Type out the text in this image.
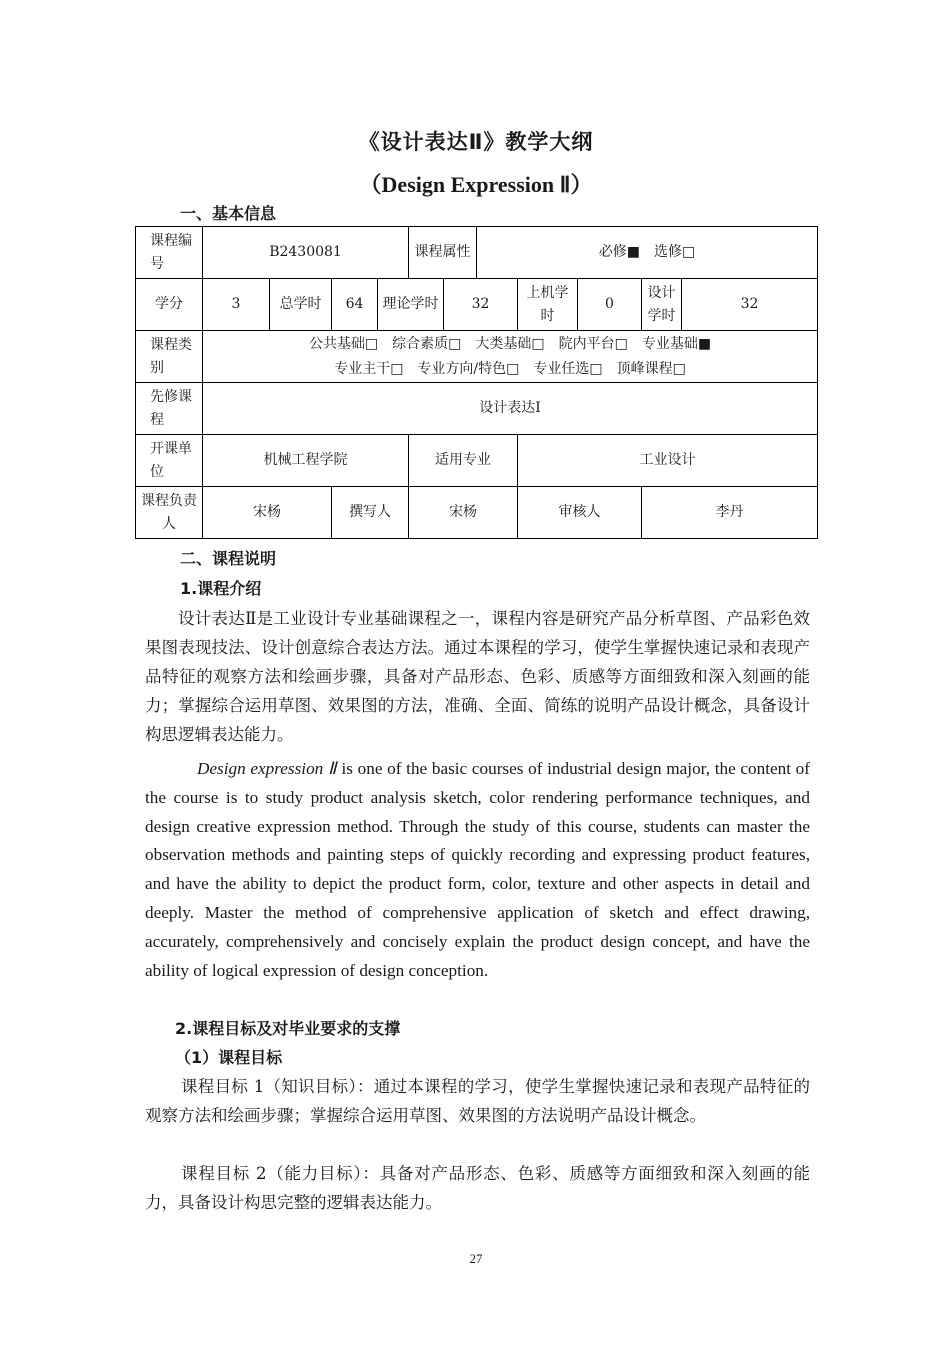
《设计表达Ⅱ》教学大纲
（Design Expression Ⅱ）
一、基本信息
课程编号	B2430081				课程属性		必修■　选修□				
学分	3	总学时	64	理论学时		32		上机学时	0	设计学时	32
课程类别	公共基础□　综合素质□　大类基础□　院内平台□　专业基础■
专业主干□　专业方向/特色□　专业任选□　顶峰课程□										

先修课程	设计表达Ⅰ										
开课单位	机械工程学院				适用专业			工业设计			
课程负责人	宋杨		撰写人		宋杨			审核人		李丹	
二、课程说明
1.课程介绍

设计表达Ⅱ是工业设计专业基础课程之一，课程内容是研究产品分析草图、产品彩色效果图表现技法、设计创意综合表达方法。通过本课程的学习，使学生掌握快速记录和表现产品特征的观察方法和绘画步骤，具备对产品形态、色彩、质感等方面细致和深入刻画的能力；掌握综合运用草图、效果图的方法，准确、全面、简练的说明产品设计概念，具备设计构思逻辑表达能力。

Design expression Ⅱ is one of the basic courses of industrial design major, the content of the course is to study product analysis sketch, color rendering performance techniques, and design creative expression method. Through the study of this course, students can master the observation methods and painting steps of quickly recording and expressing product features, and have the ability to depict the product form, color, texture and other aspects in detail and deeply. Master the method of comprehensive application of sketch and effect drawing, accurately, comprehensively and concisely explain the product design concept, and have the ability of logical expression of design conception.

2.课程目标及对毕业要求的支撑
（1）课程目标

课程目标 1（知识目标）：通过本课程的学习，使学生掌握快速记录和表现产品特征的观察方法和绘画步骤；掌握综合运用草图、效果图的方法说明产品设计概念。

课程目标 2（能力目标）：具备对产品形态、色彩、质感等方面细致和深入刻画的能力，具备设计构思完整的逻辑表达能力。

27
